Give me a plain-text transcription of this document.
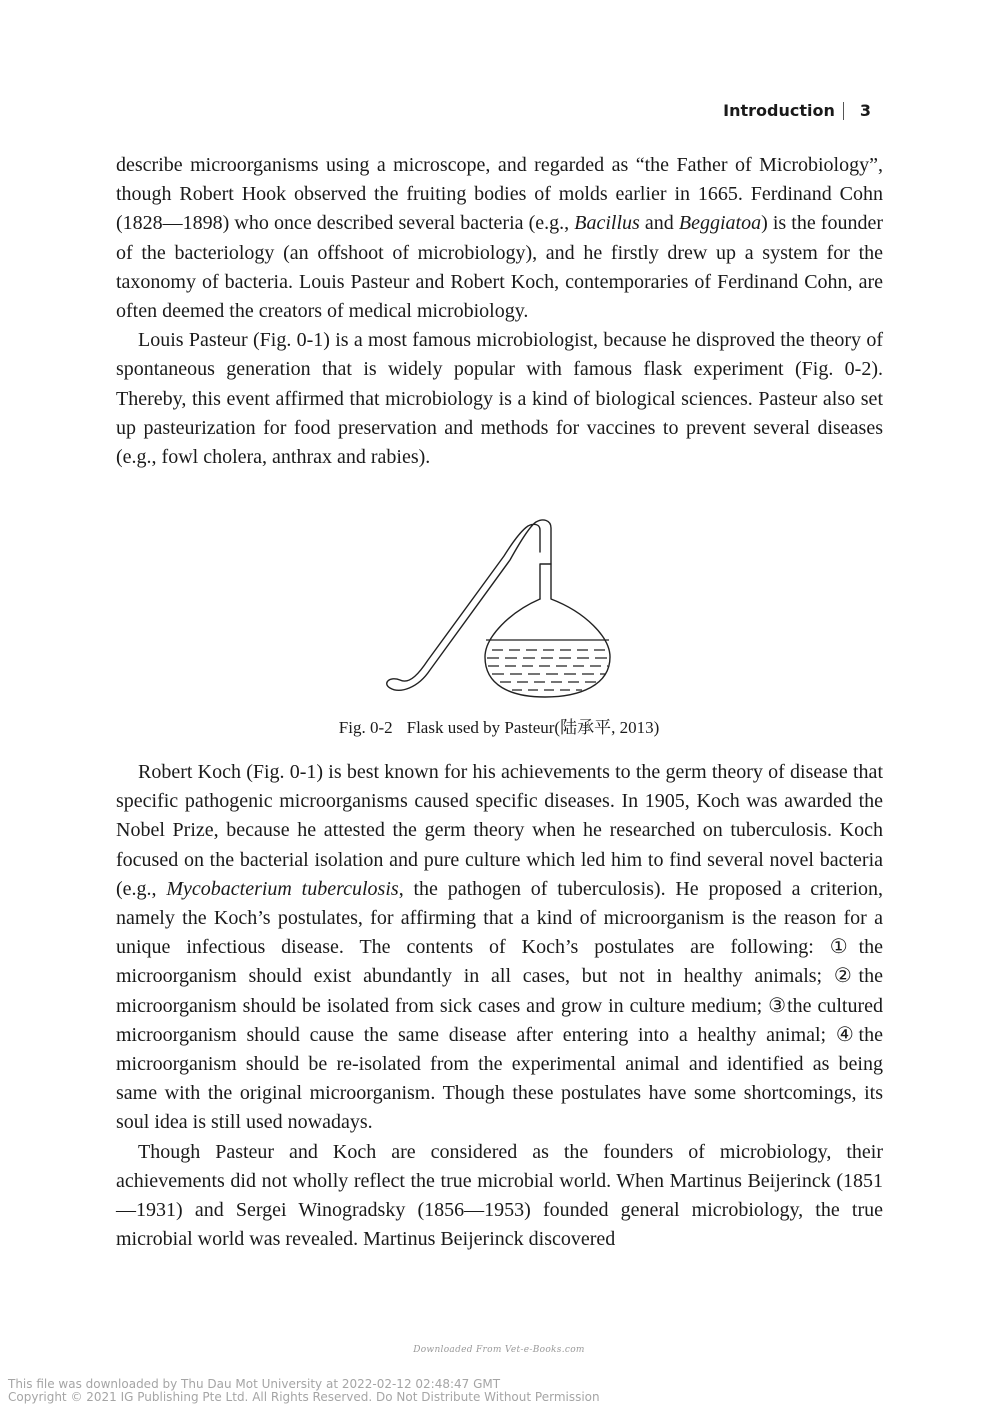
Introduction 3

describe microorganisms using a microscope, and regarded as “the Father of Microbiology”, though Robert Hook observed the fruiting bodies of molds earlier in 1665. Ferdinand Cohn (1828—1898) who once described several bacteria (e.g., Bacillus and Beggiatoa) is the founder of the bacteriology (an offshoot of microbiology), and he firstly drew up a system for the taxonomy of bacteria. Louis Pasteur and Robert Koch, contemporaries of Ferdinand Cohn, are often deemed the creators of medical microbiology.

Louis Pasteur (Fig. 0-1) is a most famous microbiologist, because he disproved the theory of spontaneous generation that is widely popular with famous flask experiment (Fig. 0-2). Thereby, this event affirmed that microbiology is a kind of biological sciences. Pasteur also set up pasteurization for food preservation and methods for vaccines to prevent several diseases (e.g., fowl cholera, anthrax and rabies).

Fig. 0-2 Flask used by Pasteur(陆承平, 2013)

Robert Koch (Fig. 0-1) is best known for his achievements to the germ theory of disease that specific pathogenic microorganisms caused specific diseases. In 1905, Koch was awarded the Nobel Prize, because he attested the germ theory when he researched on tuberculosis. Koch focused on the bacterial isolation and pure culture which led him to find several novel bacteria (e.g., Mycobacterium tuberculosis, the pathogen of tuberculosis). He proposed a criterion, namely the Koch’s postulates, for affirming that a kind of microorganism is the reason for a unique infectious disease. The contents of Koch’s postulates are following: ①the microorganism should exist abundantly in all cases, but not in healthy animals; ②the microorganism should be isolated from sick cases and grow in culture medium; ③the cultured microorganism should cause the same disease after entering into a healthy animal; ④the microorganism should be re-isolated from the experimental animal and identified as being same with the original microorganism. Though these postulates have some shortcomings, its soul idea is still used nowadays.

Though Pasteur and Koch are considered as the founders of microbiology, their achievements did not wholly reflect the true microbial world. When Martinus Beijerinck (1851—1931) and Sergei Winogradsky (1856—1953) founded general microbiology, the true microbial world was revealed. Martinus Beijerinck discovered

Downloaded From Vet-e-Books.com
This file was downloaded by Thu Dau Mot University at 2022-02-12 02:48:47 GMT
Copyright © 2021 IG Publishing Pte Ltd. All Rights Reserved. Do Not Distribute Without Permission
